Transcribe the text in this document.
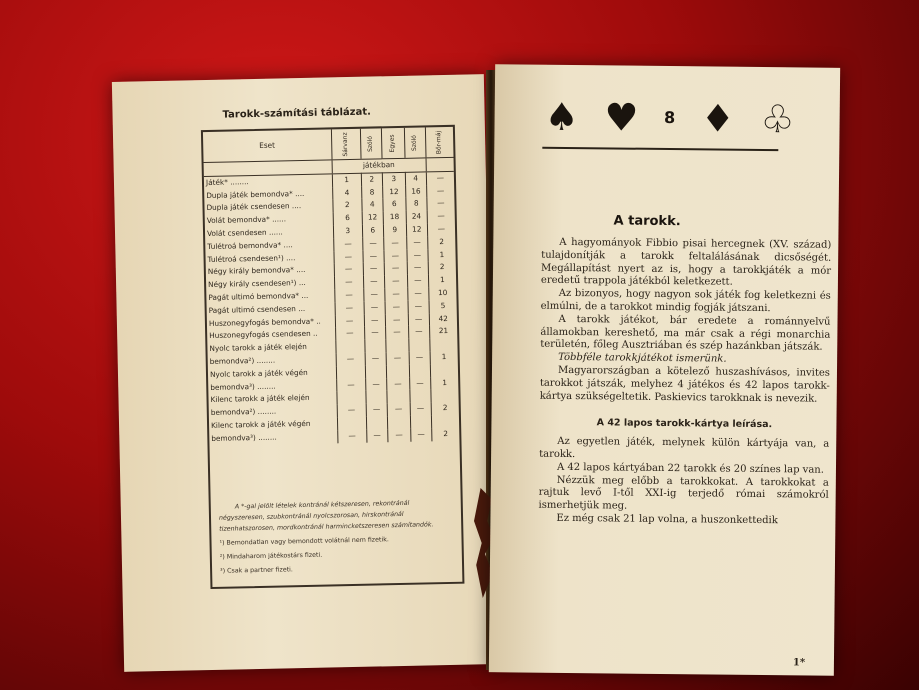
Tarokk-számítási táblázat.
Eset	Sárvanz	Szóló	Egyes	Szóló	Bőr-máj
	játékban				
Játék* ........	1	2	3	4	—
Dupla játék bemondva* ....	4	8	12	16	—
Dupla játék csendesen ....	2	4	6	8	—
Volát bemondva* ......	6	12	18	24	—
Volát csendesen ......	3	6	9	12	—
Tulétroá bemondva* ....	—	—	—	—	2
Tulétroá csendesen¹) ....	—	—	—	—	1
Négy király bemondva* ....	—	—	—	—	2
Négy király csendesen¹) ...	—	—	—	—	1
Pagát ultimó bemondva* ...	—	—	—	—	10
Pagát ultimó csendesen ...	—	—	—	—	5
Huszonegyfogás bemondva* ..	—	—	—	—	42
Huszonegyfogás csendesen ..	—	—	—	—	21
Nyolc tarokk a játék elején					
bemondva²) ........	—	—	—	—	1
Nyolc tarokk a játék végén					
bemondva³) ........	—	—	—	—	1
Kilenc tarokk a játék elején					
bemondva²) ........	—	—	—	—	2
Kilenc tarokk a játék végén					
bemondva³) ........	—	—	—	—	2

A *-gal jelölt lételek kontránál kétszeresen, rekontránál négyszeresen, szubkontránál nyolcszorosan, hirskontránál tizenhatszorosen, mordkontránál harmincketszeresen számítandók.

¹) Bemondatlan vagy bemondott volátnál nem fizetik.

²) Mindaharom játékostárs fizeti.

³) Csak a partner fizeti.

♠ ♥ 8 ♦ ♧
A tarokk.

A hagyományok Fibbio pisai hercegnek (XV. század) tulajdonítják a tarokk feltalálásának dicsőségét. Megállapítást nyert az is, hogy a tarokkjáték a mór eredetű trappola játékból keletkezett.

Az bizonyos, hogy nagyon sok játék fog keletkezni és elmúlni, de a tarokkot mindig fogják játszani.

A tarokk játékot, bár eredete a románnyelvű államokban kereshető, ma már csak a régi monarchia területén, főleg Ausztriában és szép hazánkban játszák.

Többféle tarokkjátékot ismerünk.

Magyarországban a kötelező huszashívásos, invites tarokkot játszák, melyhez 4 játékos és 42 lapos tarokk-kártya szükségeltetik. Paskievics tarokknak is nevezik.

A 42 lapos tarokk-kártya leírása.

Az egyetlen játék, melynek külön kártyája van, a tarokk.

A 42 lapos kártyában 22 tarokk és 20 színes lap van.

Nézzük meg előbb a tarokkokat. A tarokkokat a rajtuk levő I-től XXI-ig terjedő római számokról ismerhetjük meg.

Ez még csak 21 lap volna, a huszonkettedik

1*
